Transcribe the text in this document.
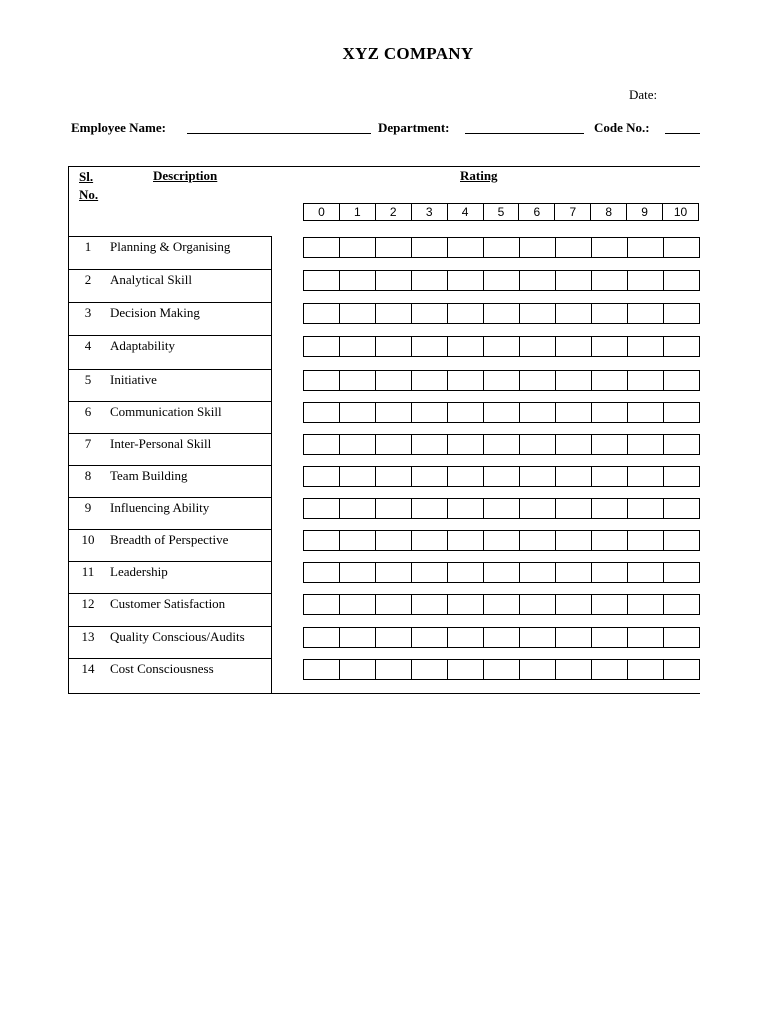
XYZ COMPANY
Date:
Employee Name:	Department:	Code No.:
Sl.
No.
Description	Rating
0	1	2	3	4	5	6	7	8	9	10
1	Planning & Organising
2	Analytical Skill
3	Decision Making
4	Adaptability
5	Initiative
6	Communication Skill
7	Inter-Personal Skill
8	Team Building
9	Influencing Ability
10	Breadth of Perspective
11	Leadership
12	Customer Satisfaction
13	Quality Conscious/Audits
14	Cost Consciousness
